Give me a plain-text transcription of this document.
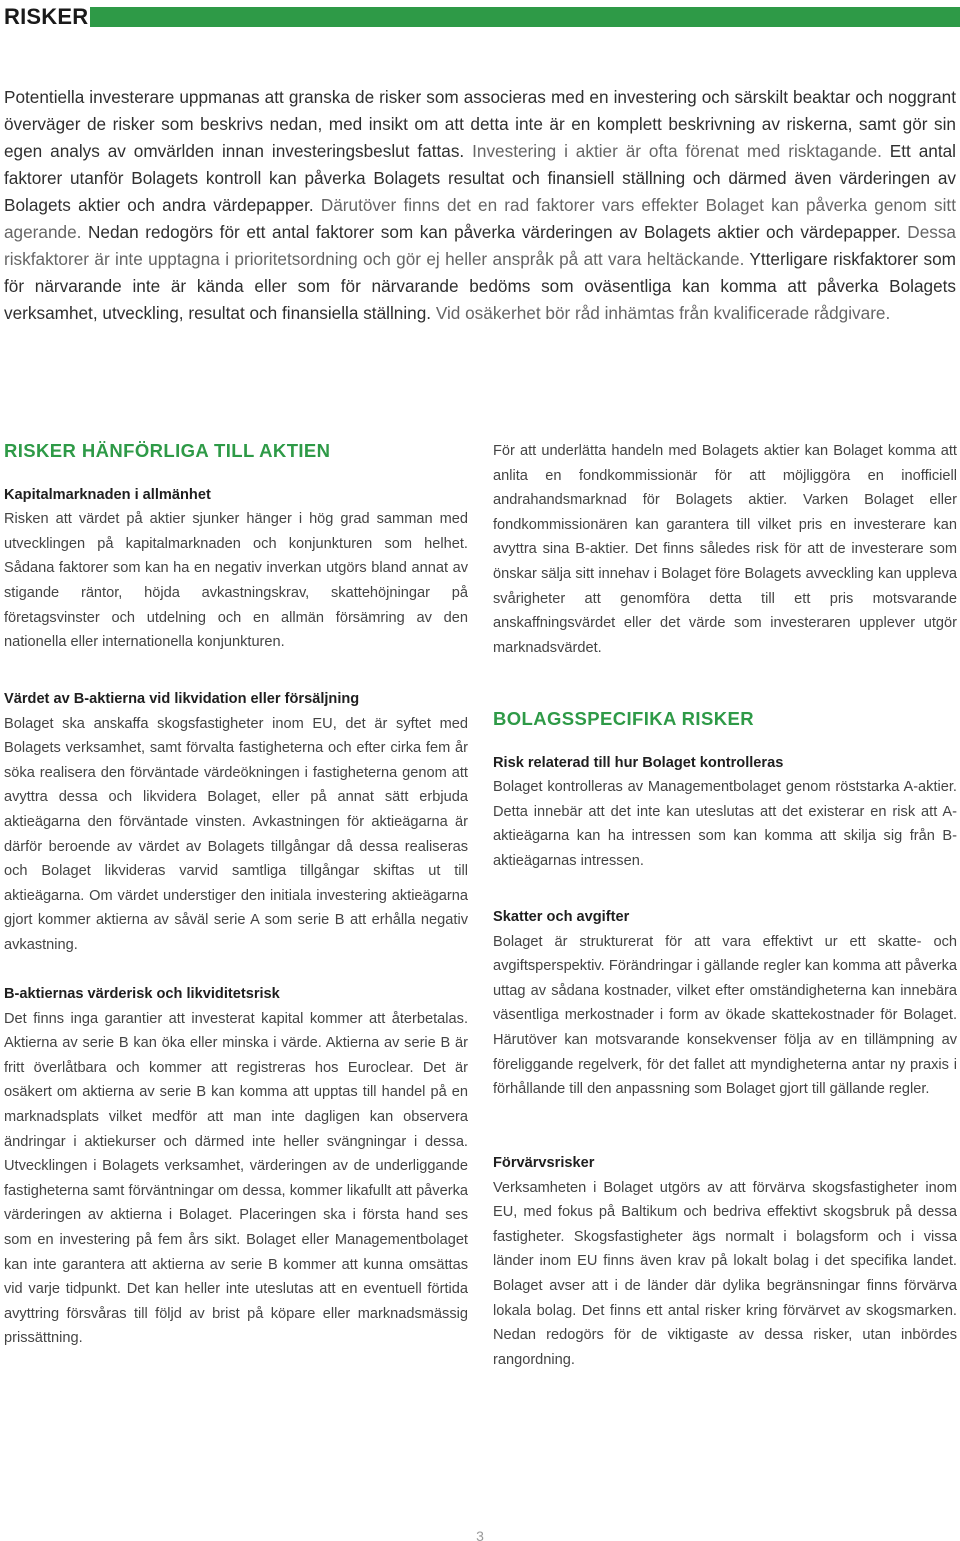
RISKER
Potentiella investerare uppmanas att granska de risker som associeras med en investering och särskilt beaktar och noggrant överväger de risker som beskrivs nedan, med insikt om att detta inte är en komplett beskrivning av riskerna, samt gör sin egen analys av omvärlden innan investeringsbeslut fattas. Investering i aktier är ofta förenat med risktagande. Ett antal faktorer utanför Bolagets kontroll kan påverka Bolagets resultat och finansiell ställning och därmed även värderingen av Bolagets aktier och andra värdepapper. Därutöver finns det en rad faktorer vars effekter Bolaget kan påverka genom sitt agerande. Nedan redogörs för ett antal faktorer som kan påverka värderingen av Bolagets aktier och värdepapper. Dessa riskfaktorer är inte upptagna i prioritetsordning och gör ej heller anspråk på att vara heltäckande. Ytterligare riskfaktorer som för närvarande inte är kända eller som för närvarande bedöms som oväsentliga kan komma att påverka Bolagets verksamhet, utveckling, resultat och finansiella ställning. Vid osäkerhet bör råd inhämtas från kvalificerade rådgivare.
RISKER HÄNFÖRLIGA TILL AKTIEN
Kapitalmarknaden i allmänhet
Risken att värdet på aktier sjunker hänger i hög grad samman med utvecklingen på kapitalmarknaden och konjunkturen som helhet. Sådana faktorer som kan ha en negativ inverkan utgörs bland annat av stigande räntor, höjda avkastningskrav, skattehöjningar på företagsvinster och utdelning och en allmän försämring av den nationella eller internationella konjunkturen.
Värdet av B-aktierna vid likvidation eller försäljning
Bolaget ska anskaffa skogsfastigheter inom EU, det är syftet med Bolagets verksamhet, samt förvalta fastigheterna och efter cirka fem år söka realisera den förväntade värdeökningen i fastigheterna genom att avyttra dessa och likvidera Bolaget, eller på annat sätt erbjuda aktieägarna den förväntade vinsten. Avkastningen för aktieägarna är därför beroende av värdet av Bolagets tillgångar då dessa realiseras och Bolaget likvideras varvid samtliga tillgångar skiftas ut till aktieägarna. Om värdet understiger den initiala investering aktieägarna gjort kommer aktierna av såväl serie A som serie B att erhålla negativ avkastning.
B-aktiernas värderisk och likviditetsrisk
Det finns inga garantier att investerat kapital kommer att återbetalas. Aktierna av serie B kan öka eller minska i värde. Aktierna av serie B är fritt överlåtbara och kommer att registreras hos Euroclear. Det är osäkert om aktierna av serie B kan komma att upptas till handel på en marknadsplats vilket medför att man inte dagligen kan observera ändringar i aktiekurser och därmed inte heller svängningar i dessa. Utvecklingen i Bolagets verksamhet, värderingen av de underliggande fastigheterna samt förväntningar om dessa, kommer likafullt att påverka värderingen av aktierna i Bolaget. Placeringen ska i första hand ses som en investering på fem års sikt. Bolaget eller Managementbolaget kan inte garantera att aktierna av serie B kommer att kunna omsättas vid varje tidpunkt. Det kan heller inte uteslutas att en eventuell förtida avyttring försvåras till följd av brist på köpare eller marknadsmässig prissättning.
För att underlätta handeln med Bolagets aktier kan Bolaget komma att anlita en fondkommissionär för att möjliggöra en inofficiell andrahandsmarknad för Bolagets aktier. Varken Bolaget eller fondkommissionären kan garantera till vilket pris en investerare kan avyttra sina B-aktier. Det finns således risk för att de investerare som önskar sälja sitt innehav i Bolaget före Bolagets avveckling kan uppleva svårigheter att genomföra detta till ett pris motsvarande anskaffningsvärdet eller det värde som investeraren upplever utgör marknadsvärdet.
BOLAGSSPECIFIKA RISKER
Risk relaterad till hur Bolaget kontrolleras
Bolaget kontrolleras av Managementbolaget genom röststarka A-aktier. Detta innebär att det inte kan uteslutas att det existerar en risk att A-aktieägarna kan ha intressen som kan komma att skilja sig från B-aktieägarnas intressen.
Skatter och avgifter
Bolaget är strukturerat för att vara effektivt ur ett skatte- och avgiftsperspektiv. Förändringar i gällande regler kan komma att påverka uttag av sådana kostnader, vilket efter omständigheterna kan innebära väsentliga merkostnader i form av ökade skattekostnader för Bolaget. Härutöver kan motsvarande konsekvenser följa av en tillämpning av föreliggande regelverk, för det fallet att myndigheterna antar ny praxis i förhållande till den anpassning som Bolaget gjort till gällande regler.
Förvärvsrisker
Verksamheten i Bolaget utgörs av att förvärva skogsfastigheter inom EU, med fokus på Baltikum och bedriva effektivt skogsbruk på dessa fastigheter. Skogsfastigheter ägs normalt i bolagsform och i vissa länder inom EU finns även krav på lokalt bolag i det specifika landet. Bolaget avser att i de länder där dylika begränsningar finns förvärva lokala bolag. Det finns ett antal risker kring förvärvet av skogsmarken. Nedan redogörs för de viktigaste av dessa risker, utan inbördes rangordning.
3
